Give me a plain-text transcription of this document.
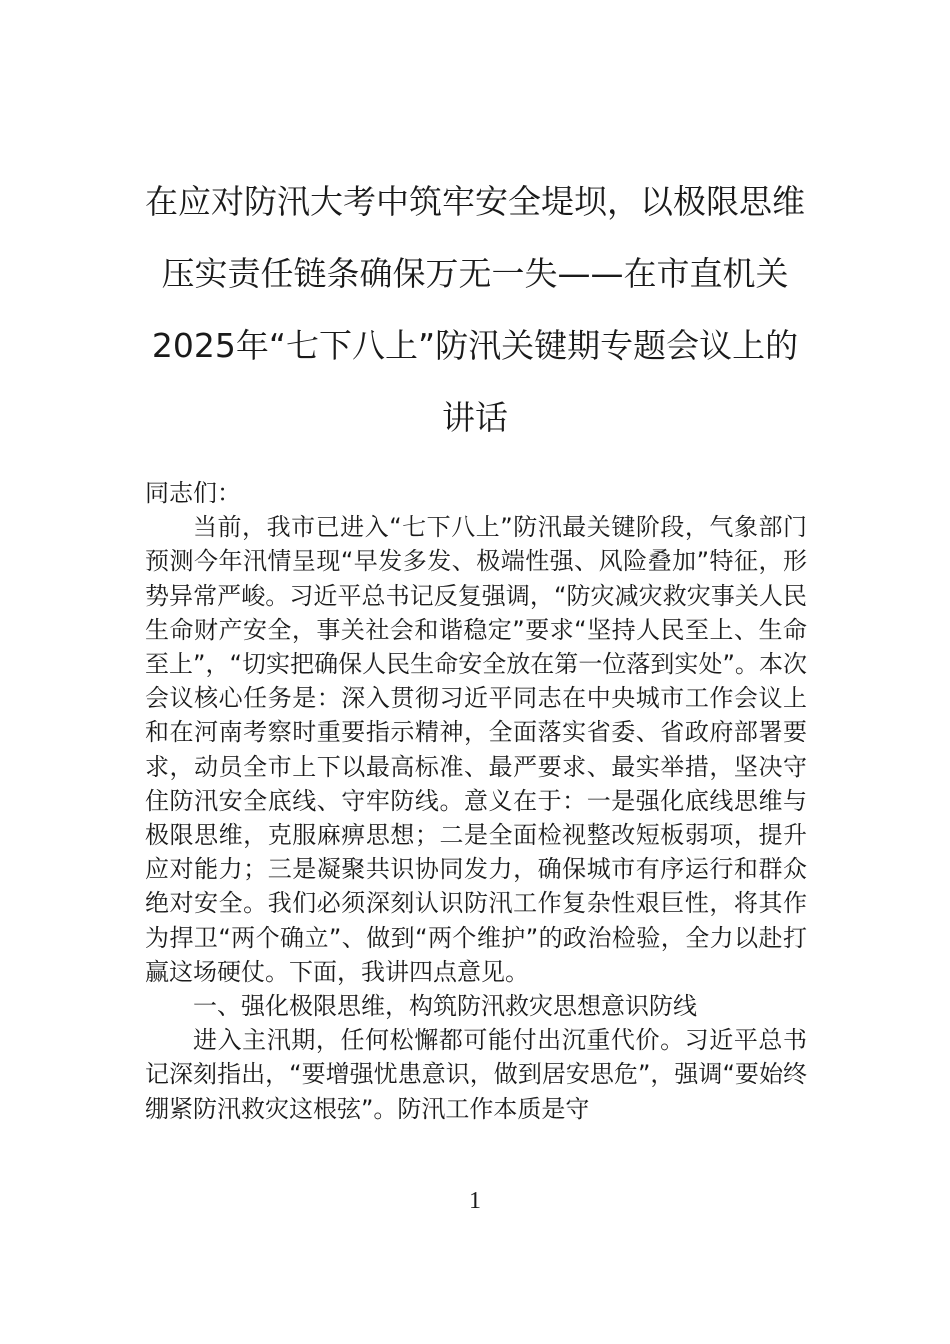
在应对防汛大考中筑牢安全堤坝，以极限思维压实责任链条确保万无一失——在市直机关2025年“七下八上”防汛关键期专题会议上的讲话

同志们：

当前，我市已进入“七下八上”防汛最关键阶段，气象部门预测今年汛情呈现“早发多发、极端性强、风险叠加”特征，形势异常严峻。习近平总书记反复强调，“防灾减灾救灾事关人民生命财产安全，事关社会和谐稳定”要求“坚持人民至上、生命至上”，“切实把确保人民生命安全放在第一位落到实处”。本次会议核心任务是：深入贯彻习近平同志在中央城市工作会议上和在河南考察时重要指示精神，全面落实省委、省政府部署要求，动员全市上下以最高标准、最严要求、最实举措，坚决守住防汛安全底线、守牢防线。意义在于：一是强化底线思维与极限思维，克服麻痹思想；二是全面检视整改短板弱项，提升应对能力；三是凝聚共识协同发力，确保城市有序运行和群众绝对安全。我们必须深刻认识防汛工作复杂性艰巨性，将其作为捍卫“两个确立”、做到“两个维护”的政治检验，全力以赴打赢这场硬仗。下面，我讲四点意见。

一、强化极限思维，构筑防汛救灾思想意识防线

进入主汛期，任何松懈都可能付出沉重代价。习近平总书记深刻指出，“要增强忧患意识，做到居安思危”，强调“要始终绷紧防汛救灾这根弦”。防汛工作本质是守

1
